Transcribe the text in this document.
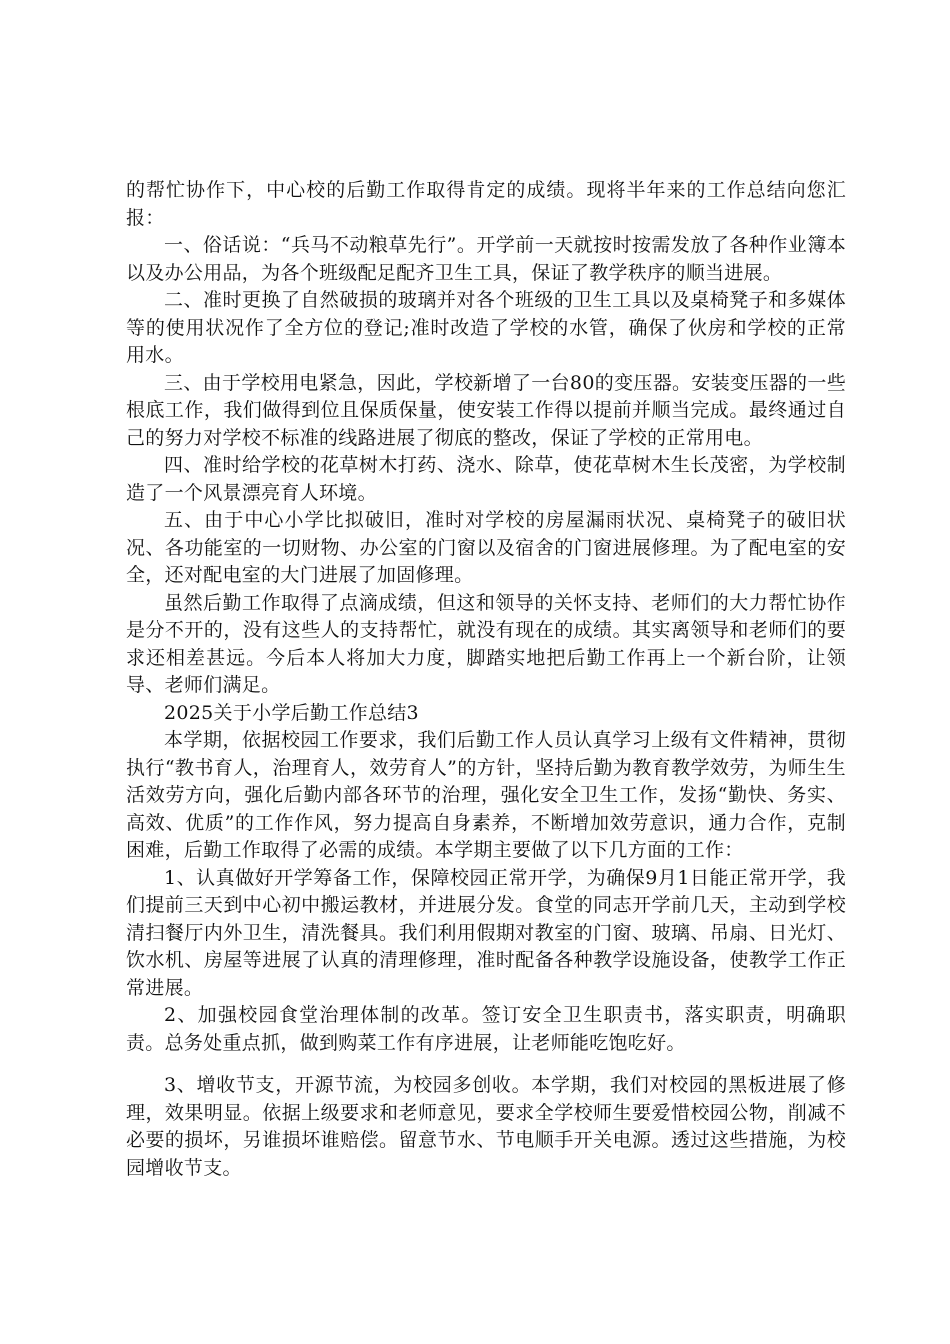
的帮忙协作下，中心校的后勤工作取得肯定的成绩。现将半年来的工作总结向您汇报：

一、俗话说：“兵马不动粮草先行”。开学前一天就按时按需发放了各种作业簿本以及办公用品，为各个班级配足配齐卫生工具，保证了教学秩序的顺当进展。

二、准时更换了自然破损的玻璃并对各个班级的卫生工具以及桌椅凳子和多媒体等的使用状况作了全方位的登记;准时改造了学校的水管，确保了伙房和学校的正常用水。

三、由于学校用电紧急，因此，学校新增了一台80的变压器。安装变压器的一些根底工作，我们做得到位且保质保量，使安装工作得以提前并顺当完成。最终通过自己的努力对学校不标准的线路进展了彻底的整改，保证了学校的正常用电。

四、准时给学校的花草树木打药、浇水、除草，使花草树木生长茂密，为学校制造了一个风景漂亮育人环境。

五、由于中心小学比拟破旧，准时对学校的房屋漏雨状况、桌椅凳子的破旧状况、各功能室的一切财物、办公室的门窗以及宿舍的门窗进展修理。为了配电室的安全，还对配电室的大门进展了加固修理。

虽然后勤工作取得了点滴成绩，但这和领导的关怀支持、老师们的大力帮忙协作是分不开的，没有这些人的支持帮忙，就没有现在的成绩。其实离领导和老师们的要求还相差甚远。今后本人将加大力度，脚踏实地把后勤工作再上一个新台阶，让领导、老师们满足。

2025关于小学后勤工作总结3

本学期，依据校园工作要求，我们后勤工作人员认真学习上级有文件精神，贯彻执行“教书育人，治理育人，效劳育人”的方针，坚持后勤为教育教学效劳，为师生生活效劳方向，强化后勤内部各环节的治理，强化安全卫生工作，发扬“勤快、务实、高效、优质”的工作作风，努力提高自身素养，不断增加效劳意识，通力合作，克制困难，后勤工作取得了必需的成绩。本学期主要做了以下几方面的工作：

1、认真做好开学筹备工作，保障校园正常开学，为确保9月1日能正常开学，我们提前三天到中心初中搬运教材，并进展分发。食堂的同志开学前几天，主动到学校清扫餐厅内外卫生，清洗餐具。我们利用假期对教室的门窗、玻璃、吊扇、日光灯、饮水机、房屋等进展了认真的清理修理，准时配备各种教学设施设备，使教学工作正常进展。

2、加强校园食堂治理体制的改革。签订安全卫生职责书，落实职责，明确职责。总务处重点抓，做到购菜工作有序进展，让老师能吃饱吃好。

3、增收节支，开源节流，为校园多创收。本学期，我们对校园的黑板进展了修理，效果明显。依据上级要求和老师意见，要求全学校师生要爱惜校园公物，削减不必要的损坏，另谁损坏谁赔偿。留意节水、节电顺手开关电源。透过这些措施，为校园增收节支。
